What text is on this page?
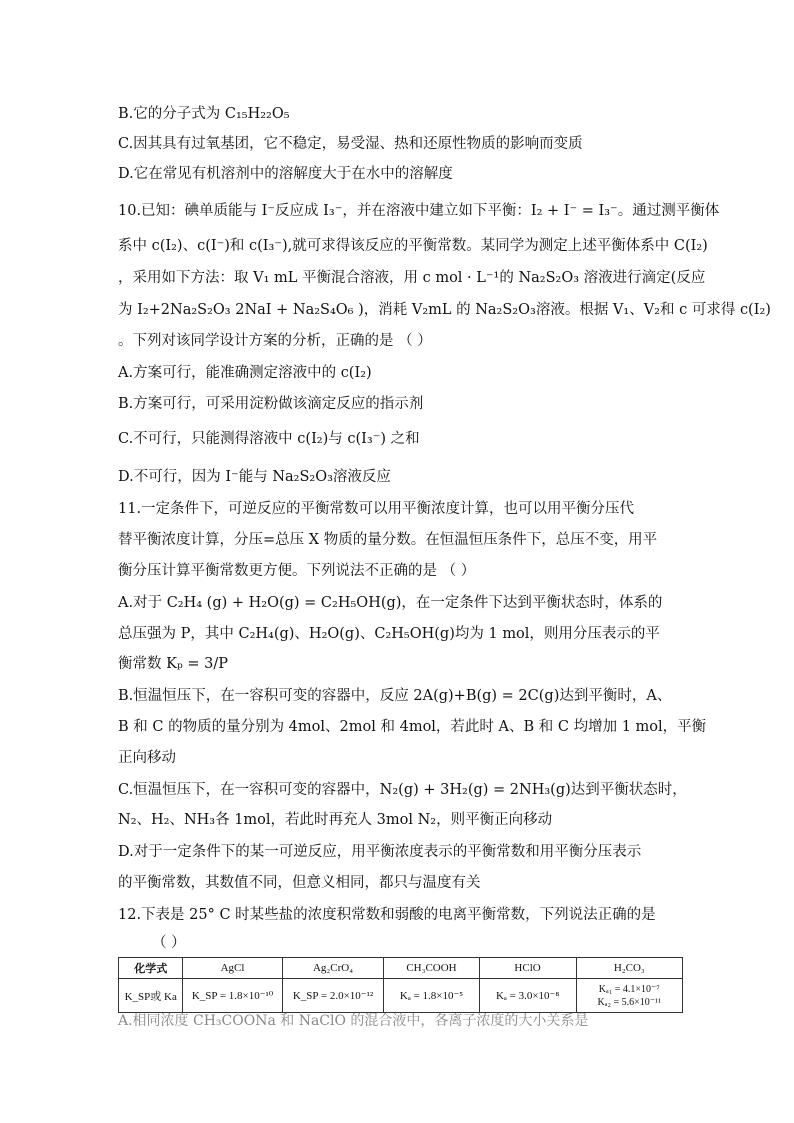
B.它的分子式为 C₁₅H₂₂O₅
C.因其具有过氧基团，它不稳定，易受湿、热和还原性物质的影响而变质
D.它在常见有机溶剂中的溶解度大于在水中的溶解度
10.已知：碘单质能与 I⁻反应成 I₃⁻，并在溶液中建立如下平衡：I₂ + I⁻ = I₃⁻。通过测平衡体
系中 c(I₂)、c(I⁻)和 c(I₃⁻),就可求得该反应的平衡常数。某同学为测定上述平衡体系中 C(I₂)
，采用如下方法：取 V₁ mL 平衡混合溶液，用 c mol · L⁻¹的 Na₂S₂O₃ 溶液进行滴定(反应
为 I₂+2Na₂S₂O₃ 2NaI + Na₂S₄O₆ )，消耗 V₂mL 的 Na₂S₂O₃溶液。根据 V₁、V₂和 c 可求得 c(I₂)
。下列对该同学设计方案的分析，正确的是 （ ）
A.方案可行，能准确测定溶液中的 c(I₂)
B.方案可行，可采用淀粉做该滴定反应的指示剂
C.不可行，只能测得溶液中 c(I₂)与 c(I₃⁻) 之和
D.不可行，因为 I⁻能与 Na₂S₂O₃溶液反应
11.一定条件下，可逆反应的平衡常数可以用平衡浓度计算，也可以用平衡分压代
替平衡浓度计算，分压=总压 X 物质的量分数。在恒温恒压条件下，总压不变，用平
衡分压计算平衡常数更方便。下列说法不正确的是 （ ）
A.对于 C₂H₄ (g) + H₂O(g) = C₂H₅OH(g)，在一定条件下达到平衡状态时，体系的
总压强为 P，其中 C₂H₄(g)、H₂O(g)、C₂H₅OH(g)均为 1 mol，则用分压表示的平
衡常数 Kₚ = 3/P
B.恒温恒压下，在一容积可变的容器中，反应 2A(g)+B(g) = 2C(g)达到平衡时，A、
B 和 C 的物质的量分别为 4mol、2mol 和 4mol，若此时 A、B 和 C 均增加 1 mol，平衡
正向移动
C.恒温恒压下，在一容积可变的容器中，N₂(g) + 3H₂(g) = 2NH₃(g)达到平衡状态时，
N₂、H₂、NH₃各 1mol，若此时再充人 3mol N₂，则平衡正向移动
D.对于一定条件下的某一可逆反应，用平衡浓度表示的平衡常数和用平衡分压表示
的平衡常数，其数值不同，但意义相同，都只与温度有关
12.下表是 25° C 时某些盐的浓度积常数和弱酸的电离平衡常数，下列说法正确的是
（ ）
化学式	AgCl	Ag₂CrO₄	CH₃COOH	HClO	H₂CO₃
K_SP或 Ka	K_SP = 1.8×10⁻¹⁰	K_SP = 2.0×10⁻¹²	Kₐ = 1.8×10⁻⁵	Kₐ = 3.0×10⁻⁸	Kₐ₁ = 4.1×10⁻⁷
Kₐ₂ = 5.6×10⁻¹¹
A.相同浓度 CH₃COONa 和 NaClO 的混合液中，各离子浓度的大小关系是
